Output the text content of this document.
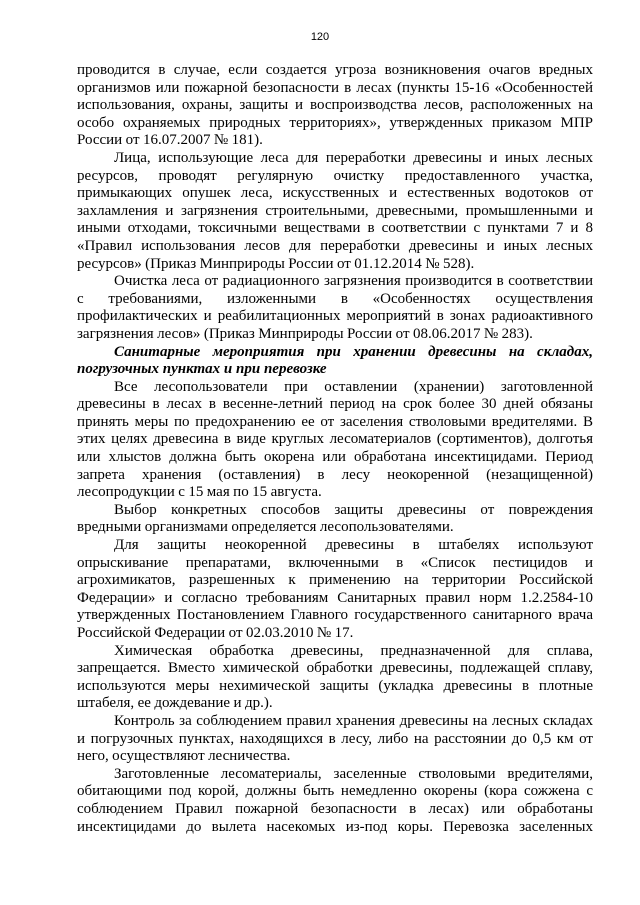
120

проводится в случае, если создается угроза возникновения очагов вредных организмов или пожарной безопасности в лесах (пункты 15-16 «Особенностей использования, охраны, защиты и воспроизводства лесов, расположенных на особо охраняемых природных территориях», утвержденных приказом МПР России от 16.07.2007 № 181).

Лица, использующие леса для переработки древесины и иных лесных ресурсов, проводят регулярную очистку предоставленного участка, примыкающих опушек леса, искусственных и естественных водотоков от захламления и загрязнения строительными, древесными, промышленными и иными отходами, токсичными веществами в соответствии с пунктами 7 и 8 «Правил использования лесов для переработки древесины и иных лесных ресурсов» (Приказ Минприроды России от 01.12.2014 № 528).

Очистка леса от радиационного загрязнения производится в соответствии с требованиями, изложенными в «Особенностях осуществления профилактических и реабилитационных мероприятий в зонах радиоактивного загрязнения лесов» (Приказ Минприроды России от 08.06.2017 № 283).

Санитарные мероприятия при хранении древесины на складах, погрузочных пунктах и при перевозке

Все лесопользователи при оставлении (хранении) заготовленной древесины в лесах в весенне-летний период на срок более 30 дней обязаны принять меры по предохранению ее от заселения стволовыми вредителями. В этих целях древесина в виде круглых лесоматериалов (сортиментов), долготья или хлыстов должна быть окорена или обработана инсектицидами. Период запрета хранения (оставления) в лесу неокоренной (незащищенной) лесопродукции с 15 мая по 15 августа.

Выбор конкретных способов защиты древесины от повреждения вредными организмами определяется лесопользователями.

Для защиты неокоренной древесины в штабелях используют опрыскивание препаратами, включенными в «Список пестицидов и агрохимикатов, разрешенных к применению на территории Российской Федерации» и согласно требованиям Санитарных правил норм 1.2.2584-10 утвержденных Постановлением Главного государственного санитарного врача Российской Федерации от 02.03.2010 № 17.

Химическая обработка древесины, предназначенной для сплава, запрещается. Вместо химической обработки древесины, подлежащей сплаву, используются меры нехимической защиты (укладка древесины в плотные штабеля, ее дождевание и др.).

Контроль за соблюдением правил хранения древесины на лесных складах и погрузочных пунктах, находящихся в лесу, либо на расстоянии до 0,5 км от него, осуществляют лесничества.

Заготовленные лесоматериалы, заселенные стволовыми вредителями, обитающими под корой, должны быть немедленно окорены (кора сожжена с соблюдением Правил пожарной безопасности в лесах) или обработаны инсектицидами до вылета насекомых из-под коры. Перевозка заселенных
